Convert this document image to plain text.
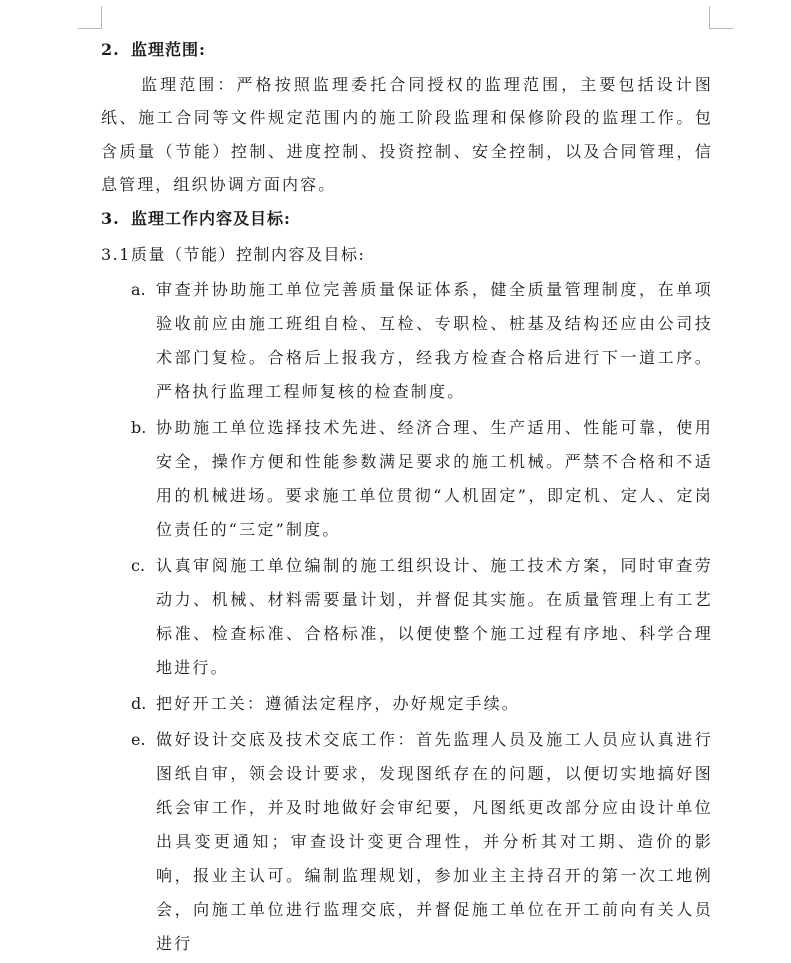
2. 监理范围:

监理范围：严格按照监理委托合同授权的监理范围，主要包括设计图纸、施工合同等文件规定范围内的施工阶段监理和保修阶段的监理工作。包含质量（节能）控制、进度控制、投资控制、安全控制，以及合同管理，信息管理，组织协调方面内容。

3. 监理工作内容及目标:
3.1质量（节能）控制内容及目标:
a. 审查并协助施工单位完善质量保证体系，健全质量管理制度，在单项验收前应由施工班组自检、互检、专职检、桩基及结构还应由公司技术部门复检。合格后上报我方，经我方检查合格后进行下一道工序。严格执行监理工程师复核的检查制度。
b. 协助施工单位选择技术先进、经济合理、生产适用、性能可靠，使用安全，操作方便和性能参数满足要求的施工机械。严禁不合格和不适用的机械进场。要求施工单位贯彻“人机固定”，即定机、定人、定岗位责任的“三定”制度。
c. 认真审阅施工单位编制的施工组织设计、施工技术方案，同时审查劳动力、机械、材料需要量计划，并督促其实施。在质量管理上有工艺标准、检查标准、合格标准，以便使整个施工过程有序地、科学合理地进行。
d. 把好开工关：遵循法定程序，办好规定手续。
e. 做好设计交底及技术交底工作：首先监理人员及施工人员应认真进行图纸自审，领会设计要求，发现图纸存在的问题，以便切实地搞好图纸会审工作，并及时地做好会审纪要，凡图纸更改部分应由设计单位出具变更通知；审查设计变更合理性，并分析其对工期、造价的影响，报业主认可。编制监理规划，参加业主主持召开的第一次工地例会，向施工单位进行监理交底，并督促施工单位在开工前向有关人员进行
